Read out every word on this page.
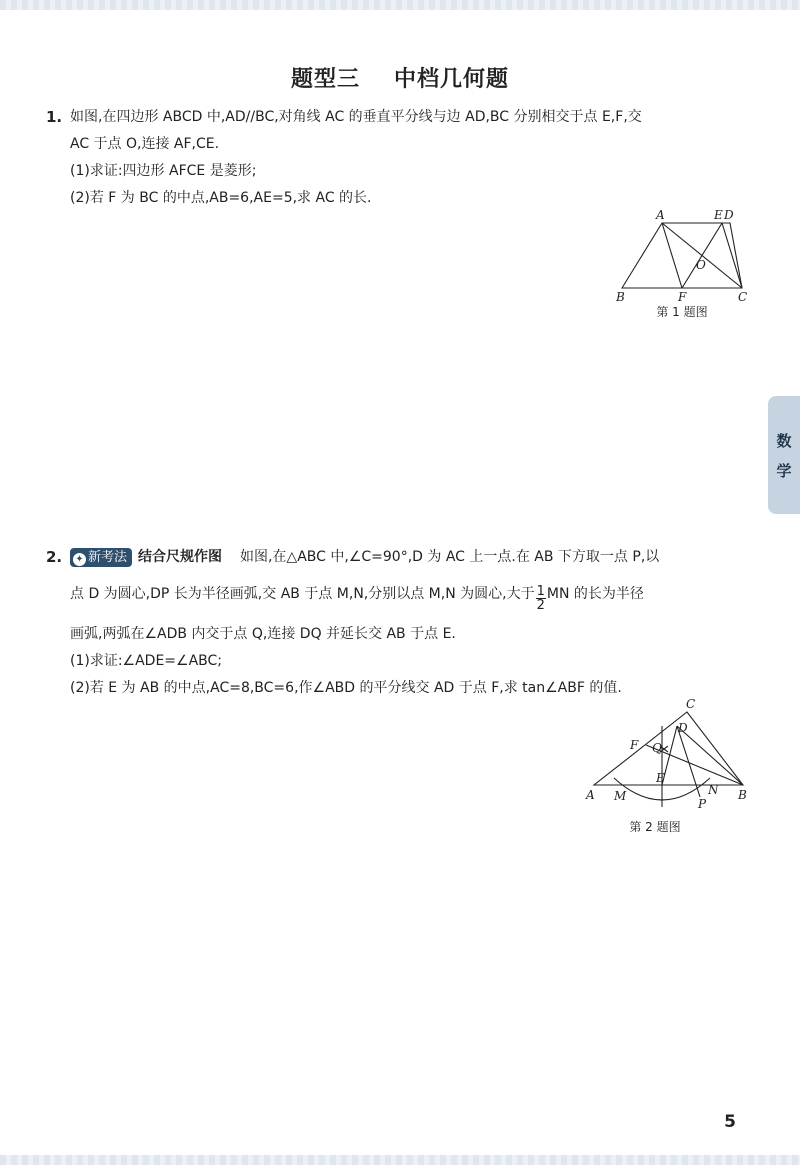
题型三 中档几何题
1. 如图,在四边形 ABCD 中,AD//BC,对角线 AC 的垂直平分线与边 AD,BC 分别相交于点 E,F,交
AC 于点 O,连接 AF,CE.
(1)求证:四边形 AFCE 是菱形;
(2)若 F 为 BC 的中点,AB=6,AE=5,求 AC 的长.
A	E D
O
B	F	C
第 1 题图
数
学
2.	✦ 新考法 结合尺规作图 如图,在△ABC 中,∠C=90°,D 为 AC 上一点.在 AB 下方取一点 P,以
点 D 为圆心,DP 长为半径画弧,交 AB 于点 M,N,分别以点 M,N 为圆心,大于 $\frac{1}{2}$ MN 的长为半径
画弧,两弧在∠ADB 内交于点 Q,连接 DQ 并延长交 AB 于点 E.
(1)求证:∠ADE=∠ABC;
(2)若 E 为 AB 的中点,AC=8,BC=6,作∠ABD 的平分线交 AD 于点 F,求 tan∠ABF 的值.
C
D
F Q
E
A M	N
P
B
第 2 题图
5
